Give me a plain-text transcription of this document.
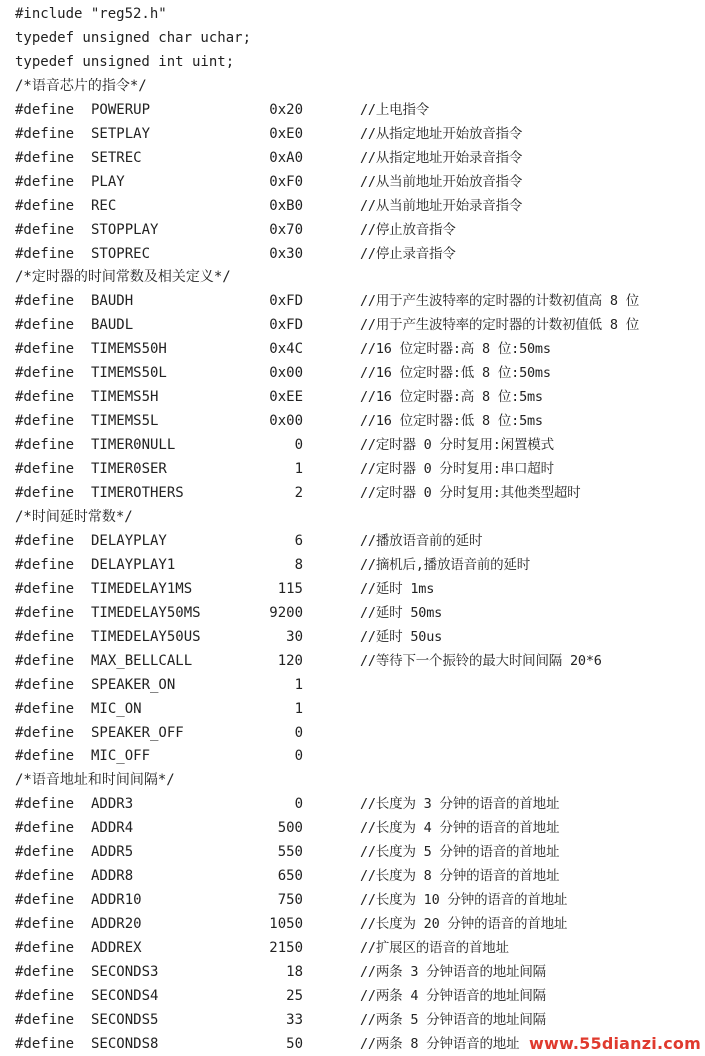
#include "reg52.h"
typedef unsigned char uchar;
typedef unsigned int uint;
/*语音芯片的指令*/
#define POWERUP	0x20	//上电指令
#define SETPLAY	0xE0	//从指定地址开始放音指令
#define SETREC	0xA0	//从指定地址开始录音指令
#define PLAY	0xF0	//从当前地址开始放音指令
#define REC	0xB0	//从当前地址开始录音指令
#define STOPPLAY	0x70	//停止放音指令
#define STOPREC	0x30	//停止录音指令
/*定时器的时间常数及相关定义*/
#define BAUDH	0xFD	//用于产生波特率的定时器的计数初值高 8 位
#define BAUDL	0xFD	//用于产生波特率的定时器的计数初值低 8 位
#define TIMEMS50H	0x4C	//16 位定时器:高 8 位:50ms
#define TIMEMS50L	0x00	//16 位定时器:低 8 位:50ms
#define TIMEMS5H	0xEE	//16 位定时器:高 8 位:5ms
#define TIMEMS5L	0x00	//16 位定时器:低 8 位:5ms
#define TIMER0NULL	0	//定时器 0 分时复用:闲置模式
#define TIMER0SER	1	//定时器 0 分时复用:串口超时
#define TIMEROTHERS	2	//定时器 0 分时复用:其他类型超时
/*时间延时常数*/
#define DELAYPLAY	6	//播放语音前的延时
#define DELAYPLAY1	8	//摘机后,播放语音前的延时
#define TIMEDELAY1MS	115	//延时 1ms
#define TIMEDELAY50MS	9200	//延时 50ms
#define TIMEDELAY50US	30	//延时 50us
#define MAX_BELLCALL	120	//等待下一个振铃的最大时间间隔 20*6
#define SPEAKER_ON	1
#define MIC_ON	1
#define SPEAKER_OFF	0
#define MIC_OFF	0
/*语音地址和时间间隔*/
#define ADDR3	0	//长度为 3 分钟的语音的首地址
#define ADDR4	500	//长度为 4 分钟的语音的首地址
#define ADDR5	550	//长度为 5 分钟的语音的首地址
#define ADDR8	650	//长度为 8 分钟的语音的首地址
#define ADDR10	750	//长度为 10 分钟的语音的首地址
#define ADDR20	1050	//长度为 20 分钟的语音的首地址
#define ADDREX	2150	//扩展区的语音的首地址
#define SECONDS3	18	//两条 3 分钟语音的地址间隔
#define SECONDS4	25	//两条 4 分钟语音的地址间隔
#define SECONDS5	33	//两条 5 分钟语音的地址间隔
#define SECONDS8	50	//两条 8 分钟语音的地址 www.55dianzi.com
